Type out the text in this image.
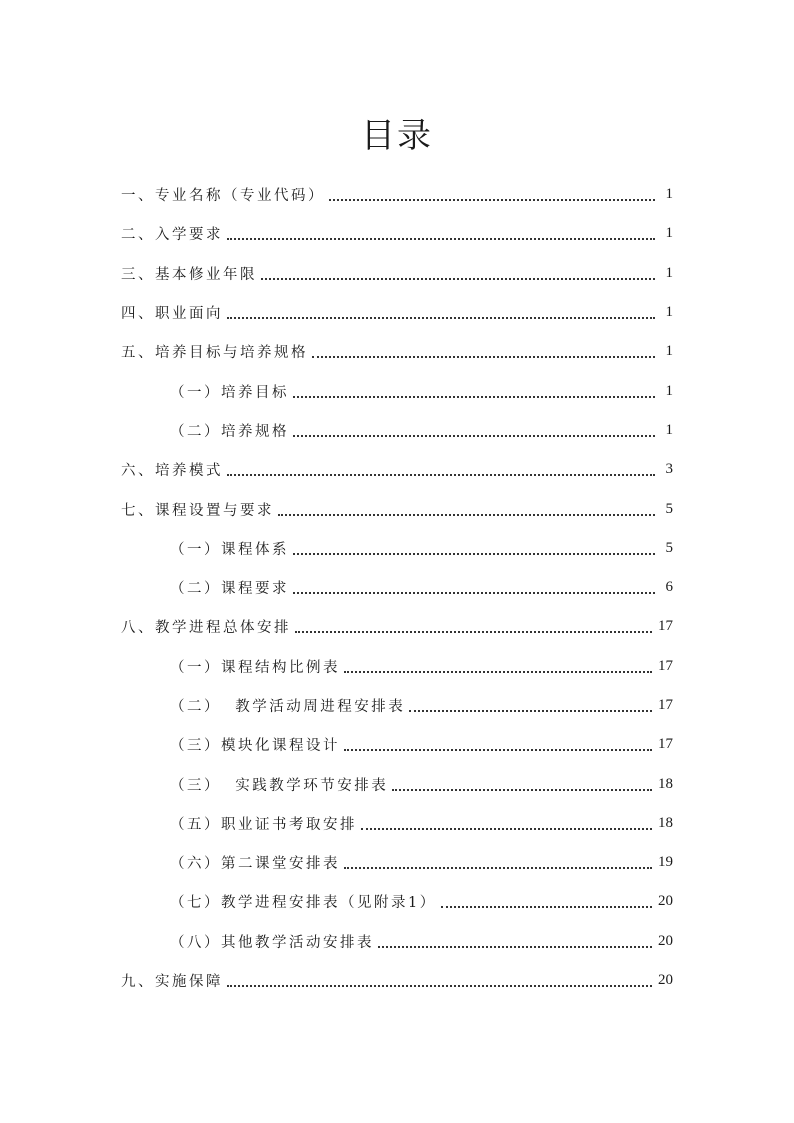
目录
一、专业名称（专业代码）	1
二、入学要求	1
三、基本修业年限	1
四、职业面向	1
五、培养目标与培养规格	1
（一）培养目标	1
（二）培养规格	1
六、培养模式	3
七、课程设置与要求	5
（一）课程体系	5
（二）课程要求	6
八、教学进程总体安排	17
（一）课程结构比例表	17
（二）  教学活动周进程安排表	17
（三）模块化课程设计	17
（三）  实践教学环节安排表	18
（五）职业证书考取安排	18
（六）第二课堂安排表	19
（七）教学进程安排表（见附录1）	20
（八）其他教学活动安排表	20
九、实施保障	20
